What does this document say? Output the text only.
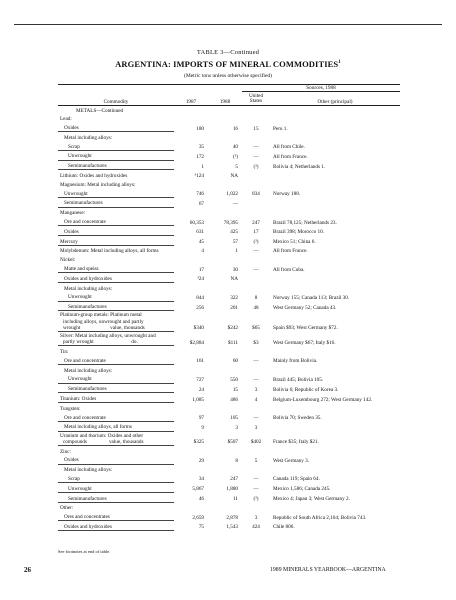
TABLE 3—Continued
ARGENTINA: IMPORTS OF MINERAL COMMODITIES$^1$
(Metric tons unless otherwise specified)
			Sources, 1988	
Commodity	1987	1988	United
States	Other (principal)
METALS—Continued				
Lead:				
Oxides	180	16	15	Peru 1.
Metal including alloys:				
Scrap	35	40	—	All from Chile.
Unwrought	172	(²)	—	All from France.
Semimanufactures	1	5	(²)	Bolivia 4; Netherlands 1.
Lithium: Oxides and hydroxides	³124	NA		
Magnesium: Metal including alloys:				
Unwrought	746	1,022	834	Norway 188.
Semimanufactures	67	—		
Manganese:				
Ore and concentrate	60,353	78,395	247	Brazil 78,125; Netherlands 23.
Oxides	631	425	17	Brazil 398; Morocco 10.
Mercury	45	57	(²)	Mexico 51; China 6.
Molybdenum: Metal including alloys, all forms	4	1	—	All from France.
Nickel:				
Matte and speiss	17	30	—	All from Cuba.
Oxides and hydroxides	³24	NA		
Metal including alloys:				
Unwrought	844	322	8	Norway 155; Canada 113; Brazil 30.
Semimanufactures	256	201	48	West Germany 52; Canada 43.

Platinum-group metals: Platinum metal
including alloys, unwrought and partly
wrought                       value, thousands	$340	$242	$65	Spain $93; West Germany $72.

Silver: Metal including alloys, unwrought and
partly wrought                             do.	$2,884	$111	$3	West Germany $67; Italy $16.
Tin:				
Ore and concentrate	161	60	—	Mainly from Bolivia.
Metal including alloys:				
Unwrought	727	550	—	Brazil 445; Bolivia 105.
Semimanufactures	24	15	3	Bolivia 6; Republic of Korea 3.
Titanium: Oxides	1,085	486	4	Belgium-Luxembourg 272; West Germany 142.
Tungsten:				
Ore and concentrate	97	105	—	Bolivia 70; Sweden 35.
Metal including alloys, all forms	9	3	3	

Uranium and thorium: Oxides and other
compounds                 value, thousands	$325	$507	$402	France $35; Italy $21.
Zinc:				
Oxides	29	8	5	West Germany 3.
Metal including alloys:				
Scrap	34	247	—	Canada 119; Spain 64.
Unwrought	5,867	1,880	—	Mexico 1,586; Canada 245.
Semimanufactures	46	11	(²)	Mexico 4; Japan 3; West Germany 2.
Other:				
Ores and concentrates	2,659	2,878	3	Republic of South Africa 2,104; Bolivia 743.
Oxides and hydroxides	75	1,543	424	Chile 806.
See footnotes at end of table.
26	1989 MINERALS YEARBOOK—ARGENTINA
